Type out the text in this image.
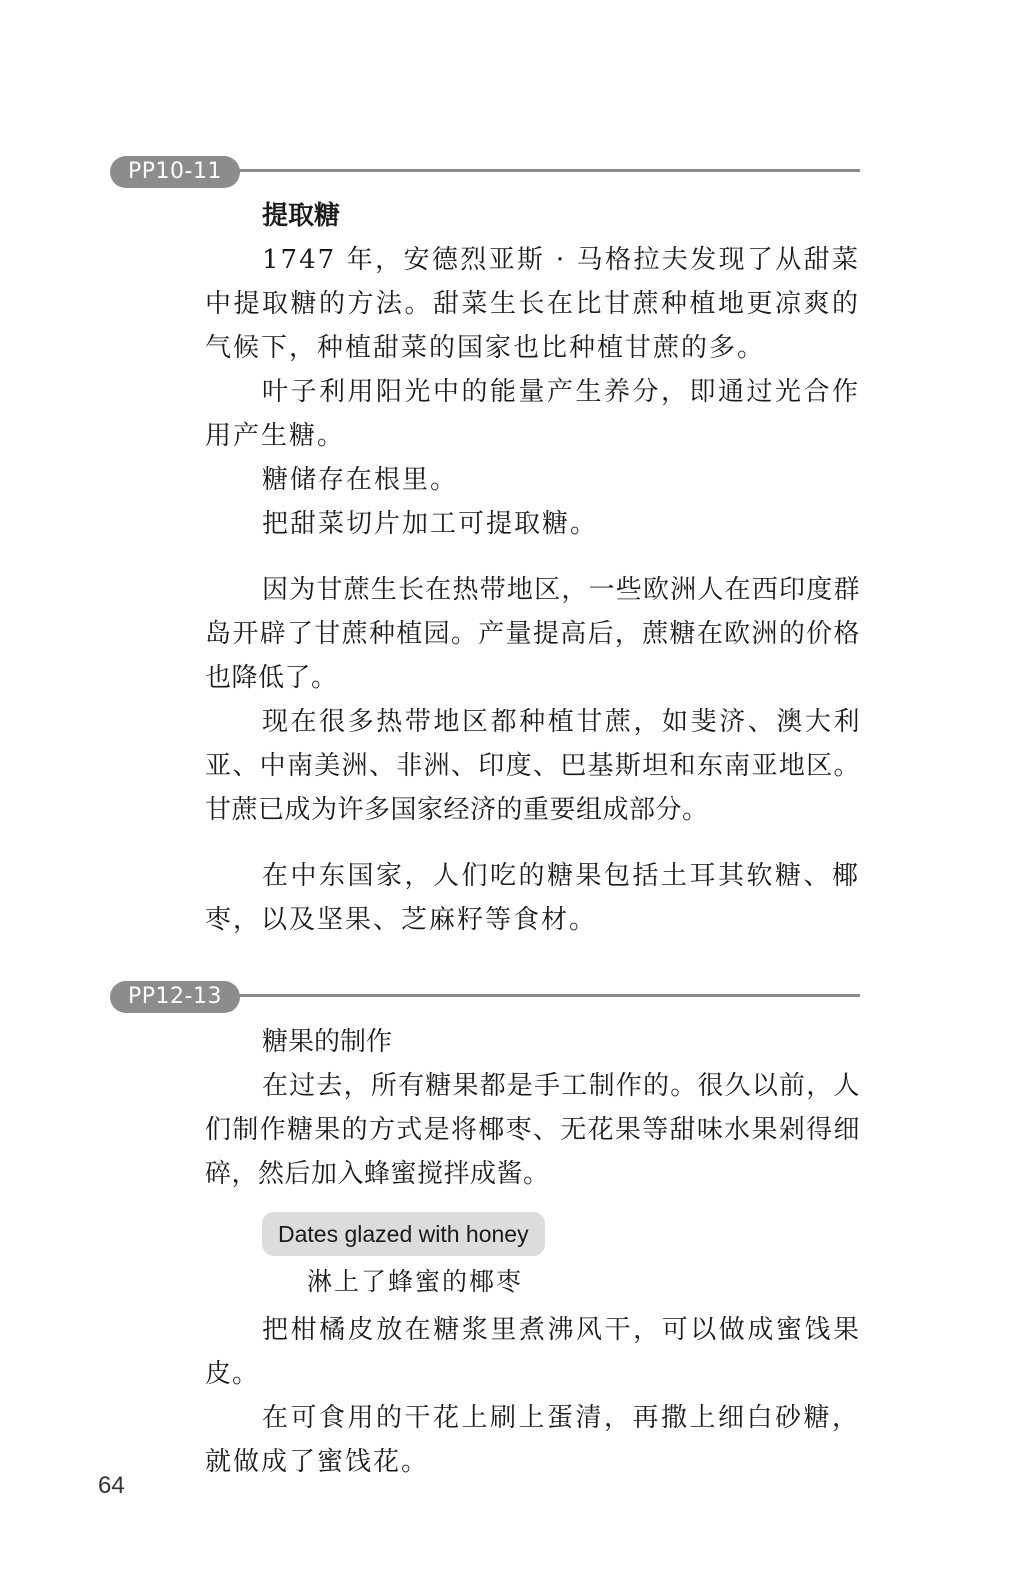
PP10-11
提取糖

1747 年，安德烈亚斯 · 马格拉夫发现了从甜菜中提取糖的方法。甜菜生长在比甘蔗种植地更凉爽的气候下，种植甜菜的国家也比种植甘蔗的多。

叶子利用阳光中的能量产生养分，即通过光合作用产生糖。

糖储存在根里。

把甜菜切片加工可提取糖。

因为甘蔗生长在热带地区，一些欧洲人在西印度群岛开辟了甘蔗种植园。产量提高后，蔗糖在欧洲的价格也降低了。

现在很多热带地区都种植甘蔗，如斐济、澳大利亚、中南美洲、非洲、印度、巴基斯坦和东南亚地区。甘蔗已成为许多国家经济的重要组成部分。

在中东国家，人们吃的糖果包括土耳其软糖、椰枣，以及坚果、芝麻籽等食材。

PP12-13
糖果的制作

在过去，所有糖果都是手工制作的。很久以前，人们制作糖果的方式是将椰枣、无花果等甜味水果剁得细碎，然后加入蜂蜜搅拌成酱。

Dates glazed with honey
淋上了蜂蜜的椰枣

把柑橘皮放在糖浆里煮沸风干，可以做成蜜饯果皮。

在可食用的干花上刷上蛋清，再撒上细白砂糖，就做成了蜜饯花。

64
